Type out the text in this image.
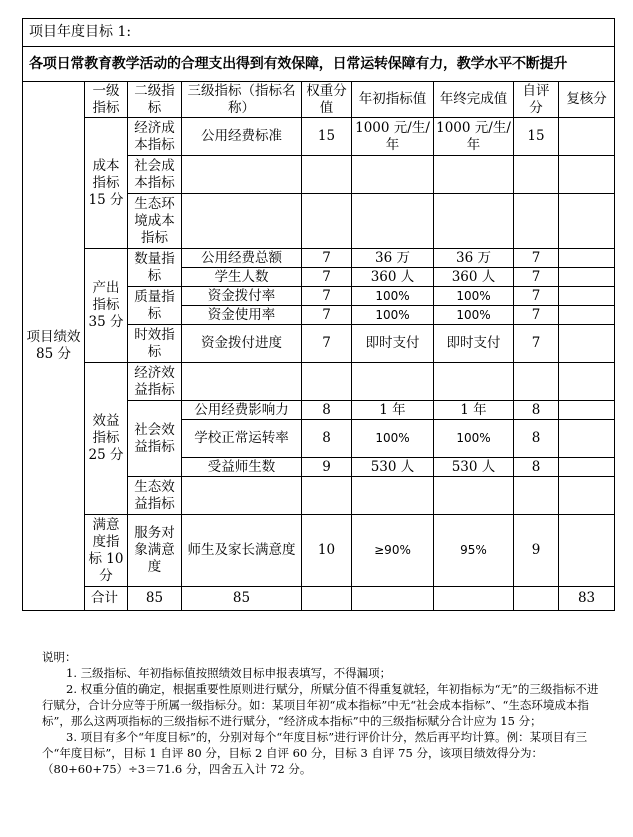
项目年度目标 1:									
各项日常教育教学活动的合理支出得到有效保障，日常运转保障有力，教学水平不断提升									
项目绩效 85 分	一级指标	二级指标	三级指标（指标名称）	权重分值	年初指标值	年终完成值	自评分	复核分	
	成本指标 15 分	经济成本指标	公用经费标准	15	1000 元/生/年	1000 元/生/年	15		
		社会成本指标							
		生态环境成本指标							
	产出指标 35 分	数量指标	公用经费总额	7	36 万	36 万	7		
			学生人数	7	360 人	360 人	7		
		质量指标	资金拨付率	7	100%	100%	7		
			资金使用率	7	100%	100%	7		
		时效指标	资金拨付进度	7	即时支付	即时支付	7		
	效益指标 25 分	经济效益指标							
		社会效益指标	公用经费影响力	8	1 年	1 年	8		
			学校正常运转率	8	100%	100%	8		
			受益师生数	9	530 人	530 人	8		
		生态效益指标							
	满意度指标 10 分	服务对象满意度	师生及家长满意度	10	≥90%	95%	9		
	合计	85	85					83	

说明：

1. 三级指标、年初指标值按照绩效目标申报表填写，不得漏项；

2. 权重分值的确定，根据重要性原则进行赋分，所赋分值不得重复就轻，年初指标为“无”的三级指标不进行赋分，合计分应等于所属一级指标分。如：某项目年初“成本指标”中无“社会成本指标”、“生态环境成本指标”，那么这两项指标的三级指标不进行赋分，“经济成本指标”中的三级指标赋分合计应为 15 分；

3. 项目有多个“年度目标”的，分别对每个“年度目标”进行评价计分，然后再平均计算。例：某项目有三个“年度目标”，目标 1 自评 80 分，目标 2 自评 60 分，目标 3 自评 75 分，该项目绩效得分为：（80+60+75）÷3＝71.6 分，四舍五入计 72 分。
